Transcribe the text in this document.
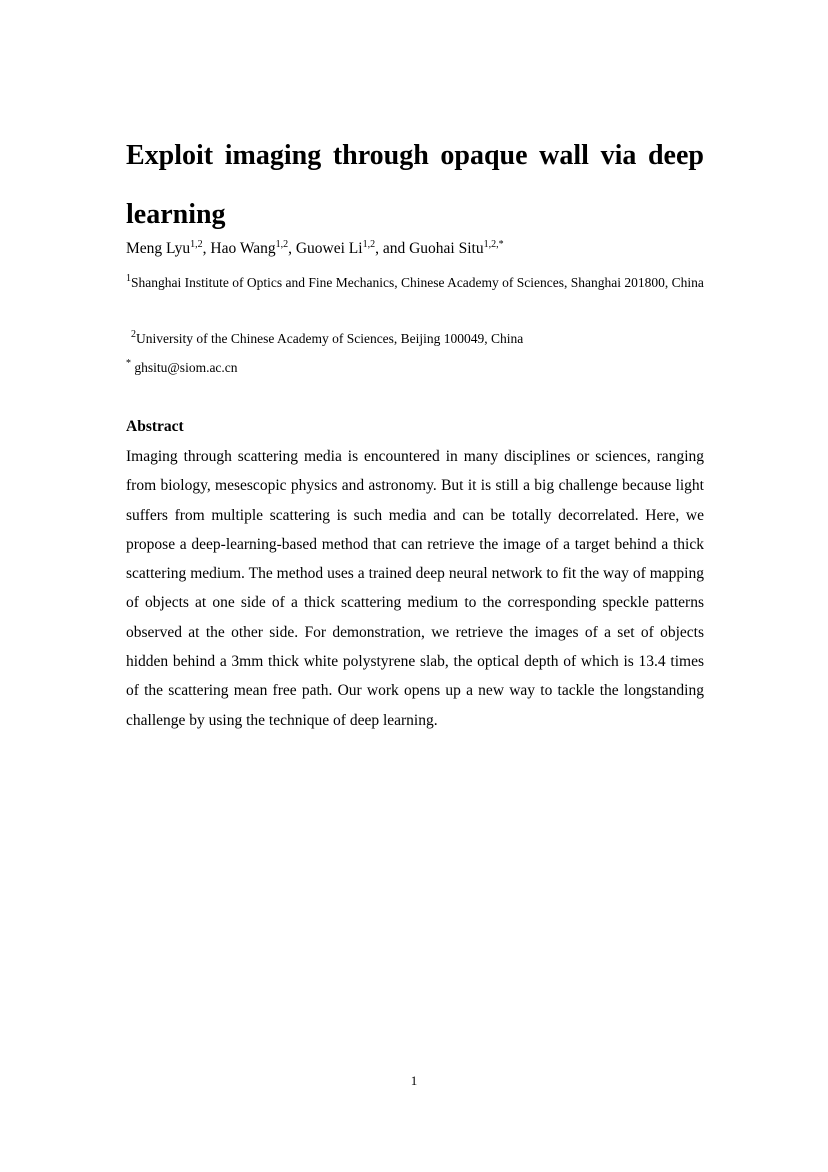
Exploit imaging through opaque wall via deep learning
Meng Lyu$^{1,2}$, Hao Wang$^{1,2}$, Guowei Li$^{1,2}$, and Guohai Situ$^{1,2,*}$
$^1$Shanghai Institute of Optics and Fine Mechanics, Chinese Academy of Sciences, Shanghai 201800, China
$^2$University of the Chinese Academy of Sciences, Beijing 100049, China
* ghsitu@siom.ac.cn
Abstract

Imaging through scattering media is encountered in many disciplines or sciences, ranging from biology, mesescopic physics and astronomy. But it is still a big challenge because light suffers from multiple scattering is such media and can be totally decorrelated. Here, we propose a deep-learning-based method that can retrieve the image of a target behind a thick scattering medium. The method uses a trained deep neural network to fit the way of mapping of objects at one side of a thick scattering medium to the corresponding speckle patterns observed at the other side. For demonstration, we retrieve the images of a set of objects hidden behind a 3mm thick white polystyrene slab, the optical depth of which is 13.4 times of the scattering mean free path. Our work opens up a new way to tackle the longstanding challenge by using the technique of deep learning.

1
